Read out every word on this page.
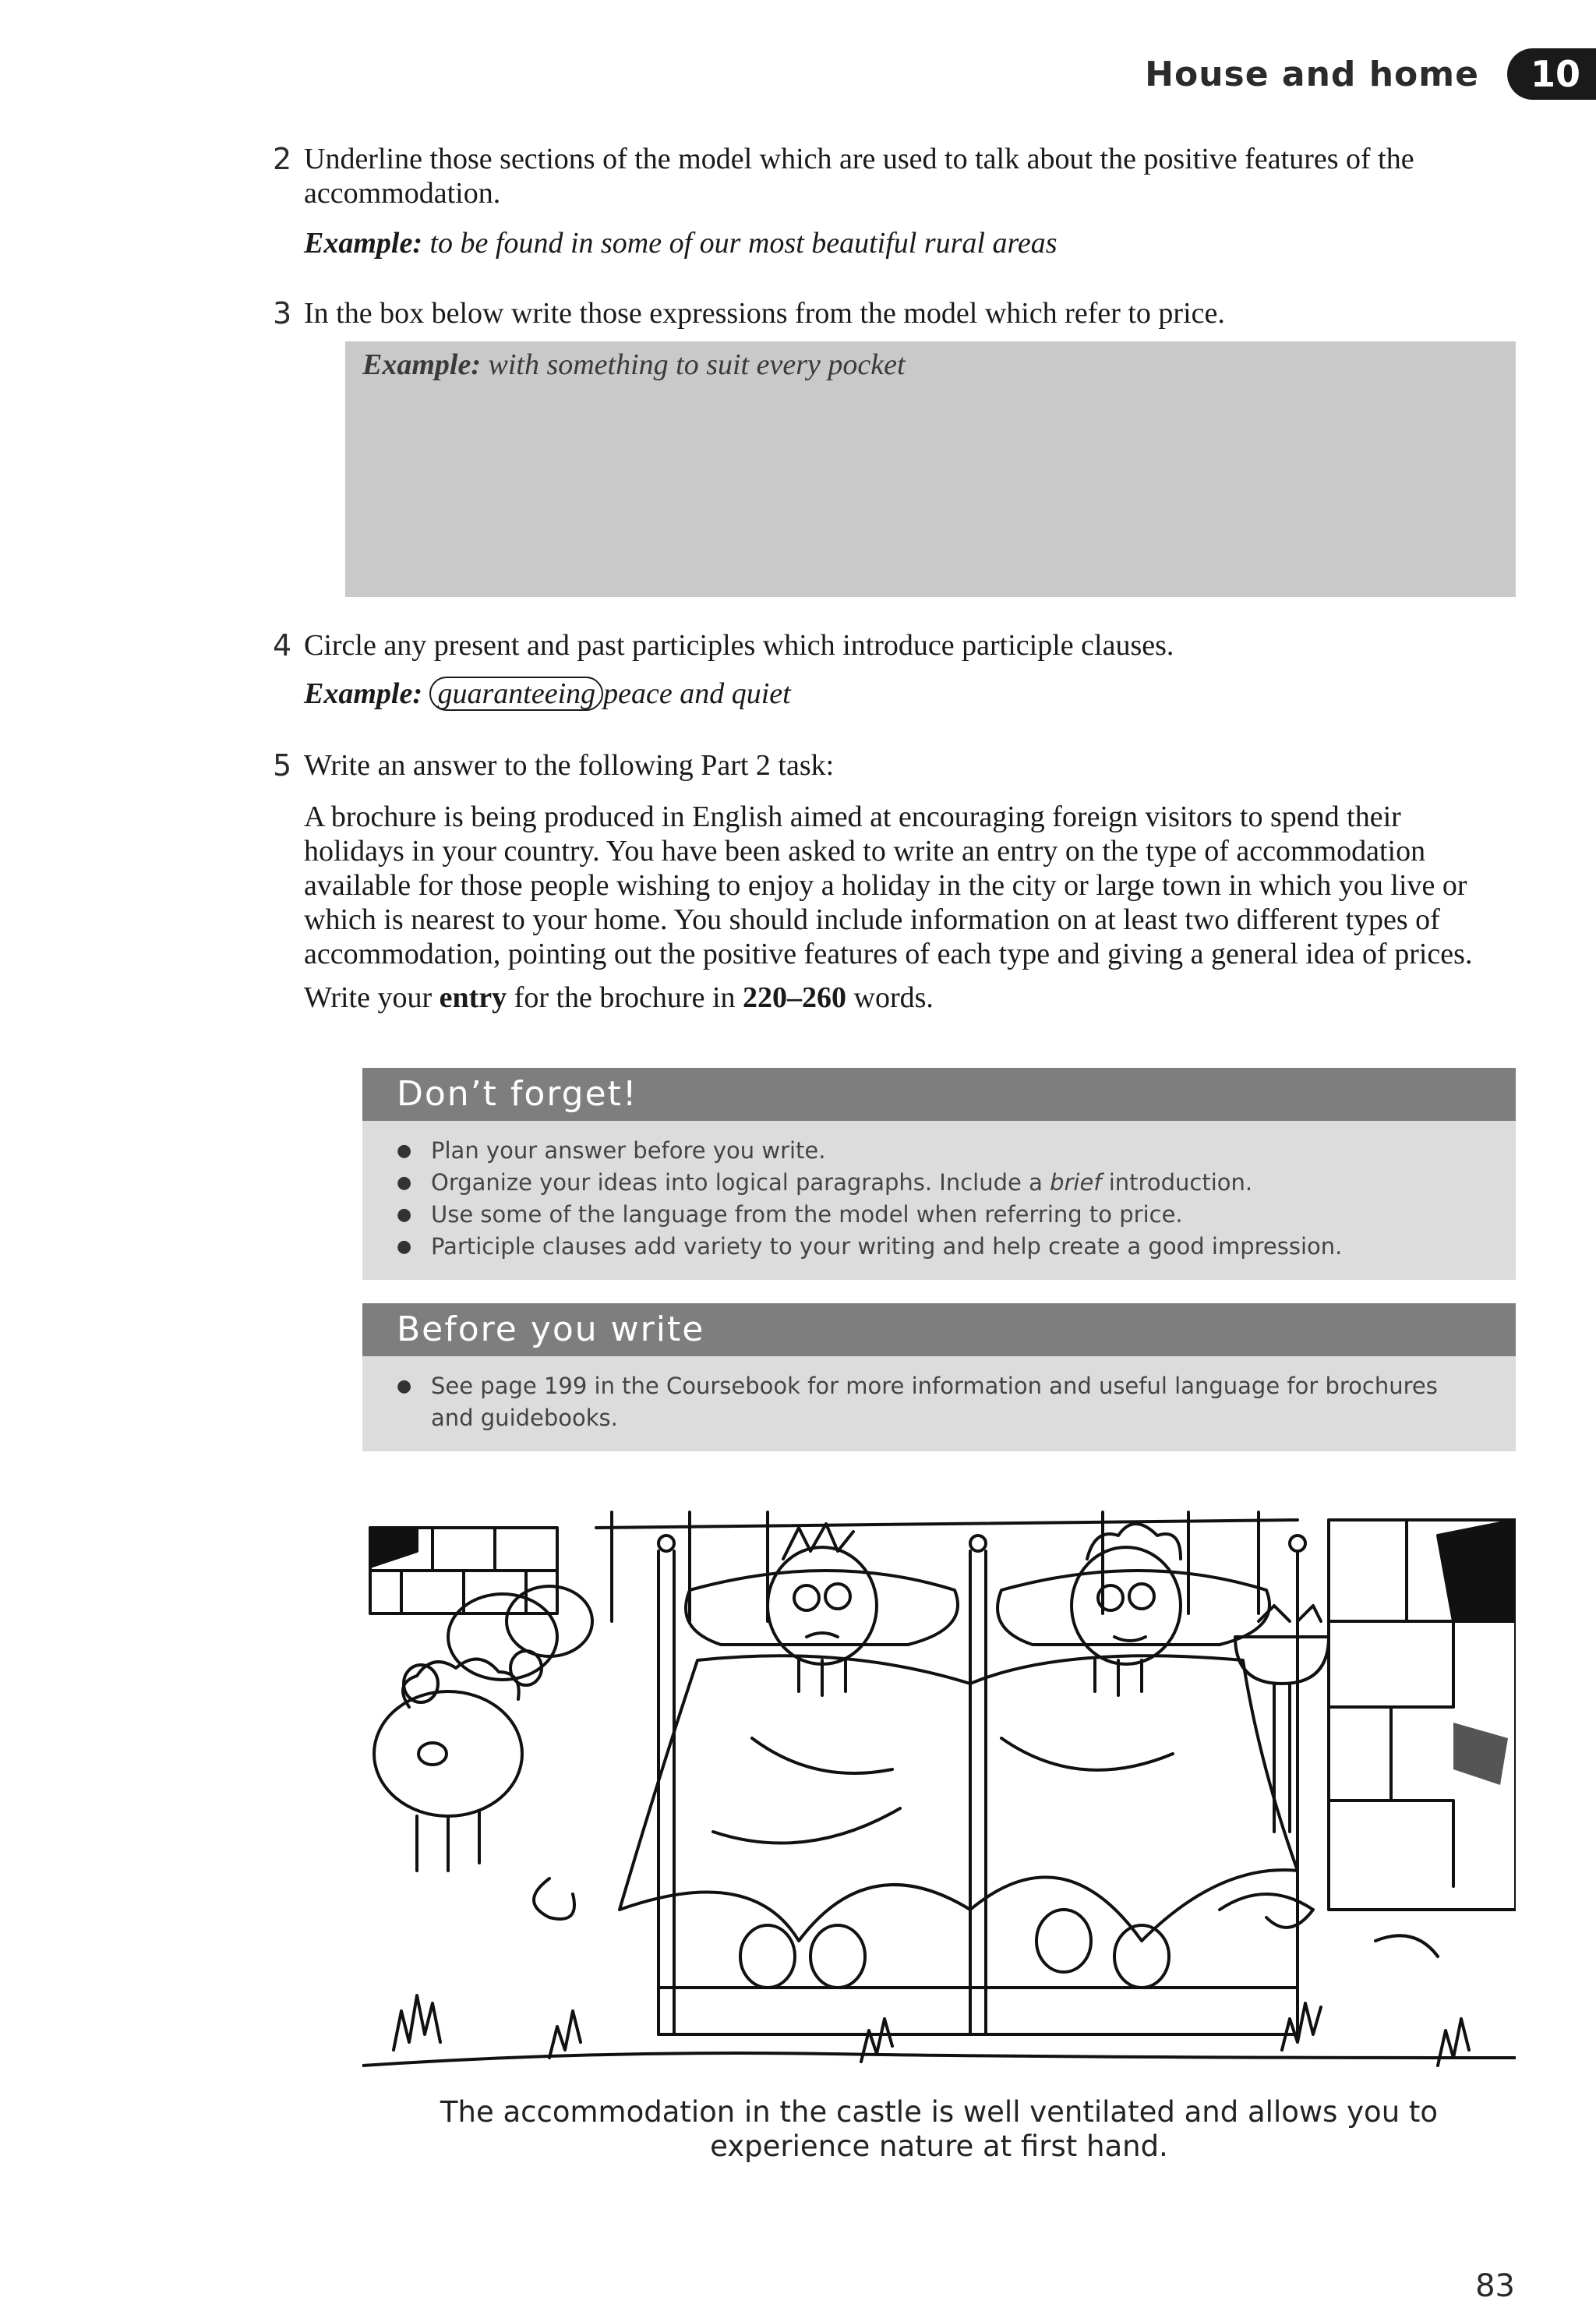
House and home	10
2 Underline those sections of the model which are used to talk about the positive features of the accommodation.
Example: to be found in some of our most beautiful rural areas
3 In the box below write those expressions from the model which refer to price.
Example: with something to suit every pocket
4 Circle any present and past participles which introduce participle clauses.
Example: guaranteeing peace and quiet
5 Write an answer to the following Part 2 task:
A brochure is being produced in English aimed at encouraging foreign visitors to spend their holidays in your country. You have been asked to write an entry on the type of accommodation available for those people wishing to enjoy a holiday in the city or large town in which you live or which is nearest to your home. You should include information on at least two different types of accommodation, pointing out the positive features of each type and giving a general idea of prices.
Write your entry for the brochure in 220–260 words.
Don’t forget!
● Plan your answer before you write.
● Organize your ideas into logical paragraphs. Include a brief introduction.
● Use some of the language from the model when referring to price.
● Participle clauses add variety to your writing and help create a good impression.
Before you write
● See page 199 in the Coursebook for more information and useful language for brochures and guidebooks.
The accommodation in the castle is well ventilated and allows you to experience nature at first hand.
83
